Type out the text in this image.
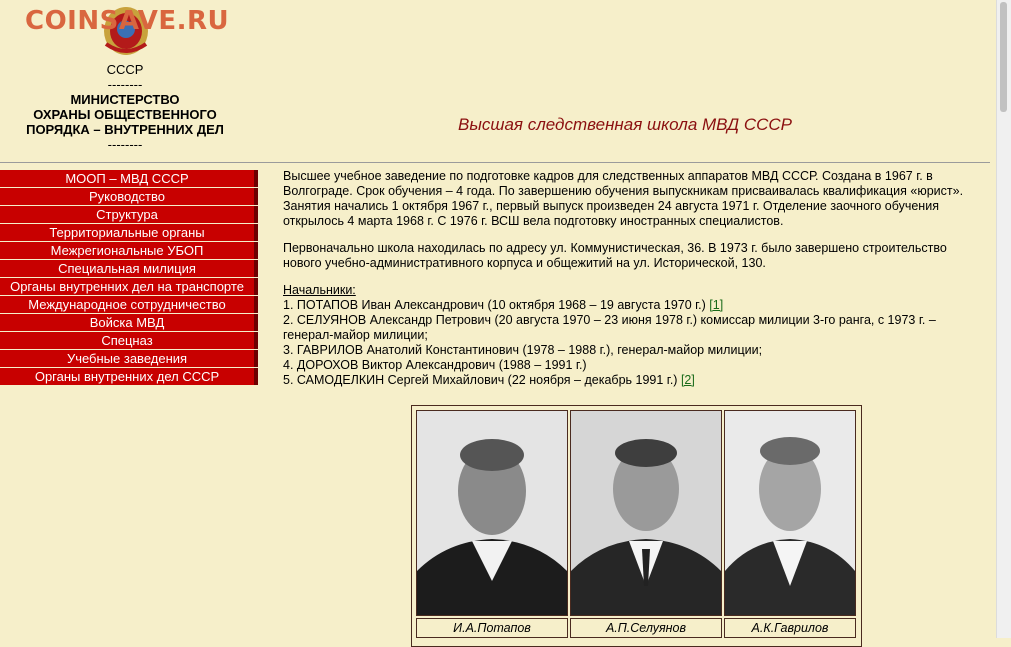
COINSAVE.RU
СССР
--------
МИНИСТЕРСТВО
ОХРАНЫ ОБЩЕСТВЕННОГО
ПОРЯДКА – ВНУТРЕННИХ ДЕЛ
--------
Высшая следственная школа МВД СССР
МООП – МВД СССР
Руководство
Структура
Территориальные органы
Межрегиональные УБОП
Специальная милиция
Органы внутренних дел на транспорте
Международное сотрудничество
Войска МВД
Спецназ
Учебные заведения
Органы внутренних дел СССР

Высшее учебное заведение по подготовке кадров для следственных аппаратов МВД СССР. Создана в 1967 г. в Волгограде. Срок обучения – 4 года. По завершению обучения выпускникам присваивалась квалификация «юрист». Занятия начались 1 октября 1967 г., первый выпуск произведен 24 августа 1971 г. Отделение заочного обучения открылось 4 марта 1968 г. С 1976 г. ВСШ вела подготовку иностранных специалистов.

Первоначально школа находилась по адресу ул. Коммунистическая, 36. В 1973 г. было завершено строительство нового учебно-административного корпуса и общежитий на ул. Исторической, 130.

Начальники:
1. ПОТАПОВ Иван Александрович (10 октября 1968 – 19 августа 1970 г.) [1]
2. СЕЛУЯНОВ Александр Петрович (20 августа 1970 – 23 июня 1978 г.) комиссар милиции 3-го ранга, с 1973 г. – генерал-майор милиции;
3. ГАВРИЛОВ Анатолий Константинович (1978 – 1988 г.), генерал-майор милиции;
4. ДОРОХОВ Виктор Александрович (1988 – 1991 г.)
5. САМОДЕЛКИН Сергей Михайлович (22 ноября – декабрь 1991 г.) [2]
И.А.Потапов	А.П.Селуянов	А.К.Гаврилов
